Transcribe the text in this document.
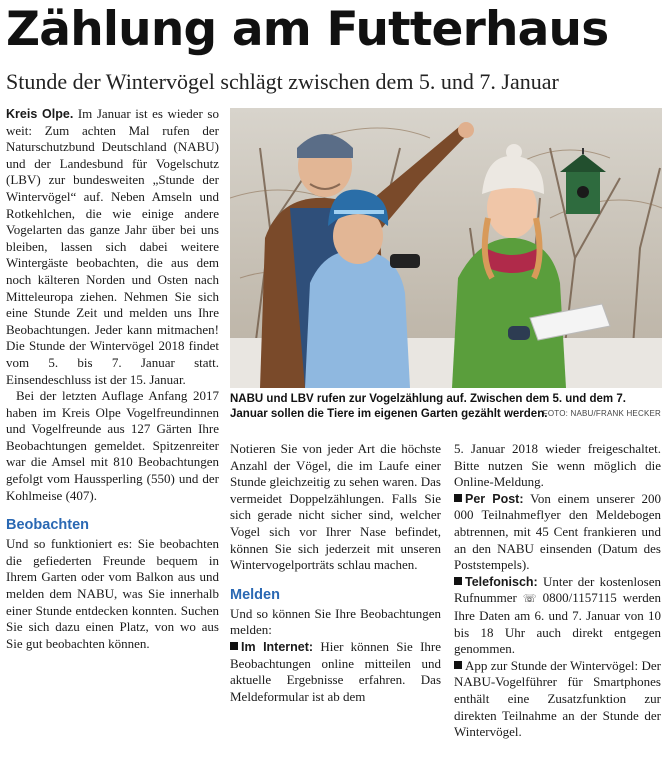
Zählung am Futterhaus
Stunde der Wintervögel schlägt zwischen dem 5. und 7. Januar

Kreis Olpe. Im Januar ist es wieder so weit: Zum achten Mal rufen der Naturschutzbund Deutschland (NABU) und der Landesbund für Vogelschutz (LBV) zur bundesweiten „Stunde der Wintervögel“ auf. Neben Amseln und Rotkehlchen, die wie einige andere Vogelarten das ganze Jahr über bei uns bleiben, lassen sich dabei weitere Wintergäste beobachten, die aus dem noch kälteren Norden und Osten nach Mitteleuropa ziehen. Nehmen Sie sich eine Stunde Zeit und melden uns Ihre Beobachtungen. Jeder kann mitmachen! Die Stunde der Wintervögel 2018 findet vom 5. bis 7. Januar statt. Einsendeschluss ist der 15. Januar.

Bei der letzten Auflage Anfang 2017 haben im Kreis Olpe Vogelfreundinnen und Vogelfreunde aus 127 Gärten Ihre Beobachtungen gemeldet. Spitzenreiter war die Amsel mit 810 Beobachtungen gefolgt vom Haussperling (550) und der Kohlmeise (407).

Beobachten

Und so funktioniert es: Sie beobachten die gefiederten Freunde bequem in Ihrem Garten oder vom Balkon aus und melden dem NABU, was Sie innerhalb einer Stunde entdecken konnten. Suchen Sie sich dazu einen Platz, von wo aus Sie gut beobachten können.

NABU und LBV rufen zur Vogelzählung auf. Zwischen dem 5. und dem 7. Januar sollen die Tiere im eigenen Garten gezählt werden.
FOTO: NABU/FRANK HECKER

Notieren Sie von jeder Art die höchste Anzahl der Vögel, die im Laufe einer Stunde gleichzeitig zu sehen waren. Das vermeidet Doppelzählungen. Falls Sie sich gerade nicht sicher sind, welcher Vogel sich vor Ihrer Nase befindet, können Sie sich jederzeit mit unseren Wintervogelporträts schlau machen.

Melden

Und so können Sie Ihre Beobachtungen melden:

Im Internet: Hier können Sie Ihre Beobachtungen online mitteilen und aktuelle Ergebnisse erfahren. Das Meldeformular ist ab dem

5. Januar 2018 wieder freigeschaltet. Bitte nutzen Sie wenn möglich die Online-Meldung.

Per Post: Von einem unserer 200 000 Teilnahmeflyer den Meldebogen abtrennen, mit 45 Cent frankieren und an den NABU einsenden (Datum des Poststempels).

Telefonisch: Unter der kostenlosen Rufnummer ☏ 0800/1157115 werden Ihre Daten am 6. und 7. Januar von 10 bis 18 Uhr auch direkt entgegen genommen.

App zur Stunde der Wintervögel: Der NABU-Vogelführer für Smartphones enthält eine Zusatzfunktion zur direkten Teilnahme an der Stunde der Wintervögel.
